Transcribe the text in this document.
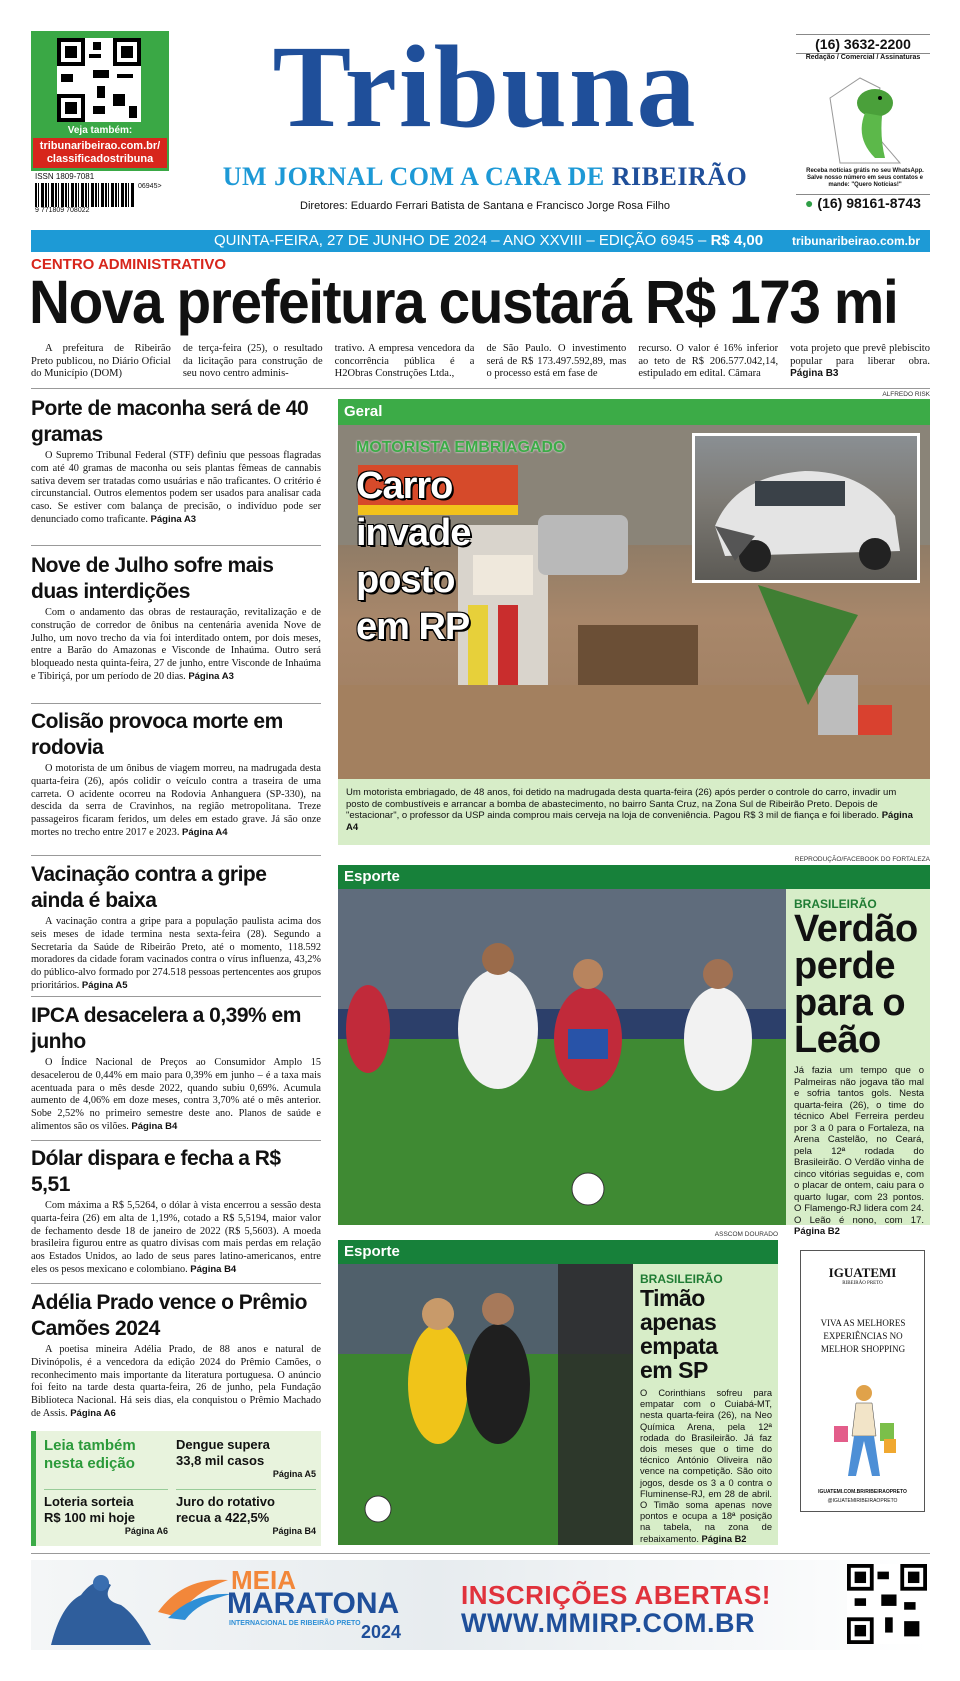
Veja também:
tribunaribeirao.com.br/
classificadostribuna
ISSN 1809-7081
9 771809 708022
06945>
Tribuna
UM JORNAL COM A CARA DE RIBEIRÃO
Diretores: Eduardo Ferrari Batista de Santana e Francisco Jorge Rosa Filho
(16) 3632-2200
Redação / Comercial / Assinaturas
Receba notícias grátis no seu WhatsApp. Salve nosso número em seus contatos e mande: "Quero Notícias!"
● (16) 98161-8743
QUINTA-FEIRA, 27 DE JUNHO DE 2024 – ANO XXVIII – EDIÇÃO 6945 – R$ 4,00 tribunaribeirao.com.br
CENTRO ADMINISTRATIVO
Nova prefeitura custará R$ 173 mi
A prefeitura de Ribeirão Preto publicou, no Diário Oficial do Município (DOM)
de terça-feira (25), o resultado da licitação para construção de seu novo centro adminis-
trativo. A empresa vencedora da concorrência pública é a H2Obras Construções Ltda.,
de São Paulo. O investimento será de R$ 173.497.592,89, mas o processo está em fase de
recurso. O valor é 16% inferior ao teto de R$ 206.577.042,14, estipulado em edital. Câmara
vota projeto que prevê plebiscito popular para liberar obra. Página B3
Porte de maconha será de 40 gramas

O Supremo Tribunal Federal (STF) definiu que pessoas flagradas com até 40 gramas de maconha ou seis plantas fêmeas de cannabis sativa devem ser tratadas como usuárias e não traficantes. O critério é circunstancial. Outros elementos podem ser usados para analisar cada caso. Se estiver com balança de precisão, o indivíduo pode ser denunciado como traficante. Página A3

Nove de Julho sofre mais duas interdições

Com o andamento das obras de restauração, revitalização e de construção de corredor de ônibus na centenária avenida Nove de Julho, um novo trecho da via foi interditado ontem, por dois meses, entre a Barão do Amazonas e Visconde de Inhaúma. Outro será bloqueado nesta quinta-feira, 27 de junho, entre Visconde de Inhaúma e Tibiriçá, por um período de 20 dias. Página A3

Colisão provoca morte em rodovia

O motorista de um ônibus de viagem morreu, na madrugada desta quarta-feira (26), após colidir o veículo contra a traseira de uma carreta. O acidente ocorreu na Rodovia Anhanguera (SP-330), na descida da serra de Cravinhos, na região metropolitana. Treze passageiros ficaram feridos, um deles em estado grave. Já são onze mortes no trecho entre 2017 e 2023. Página A4

Vacinação contra a gripe ainda é baixa

A vacinação contra a gripe para a população paulista acima dos seis meses de idade termina nesta sexta-feira (28). Segundo a Secretaria da Saúde de Ribeirão Preto, até o momento, 118.592 moradores da cidade foram vacinados contra o vírus influenza, 43,2% do público-alvo formado por 274.518 pessoas pertencentes aos grupos prioritários. Página A5

IPCA desacelera a 0,39% em junho

O Índice Nacional de Preços ao Consumidor Amplo 15 desacelerou de 0,44% em maio para 0,39% em junho – é a taxa mais acentuada para o mês desde 2022, quando subiu 0,69%. Acumula aumento de 4,06% em doze meses, contra 3,70% até o mês anterior. Sobe 2,52% no primeiro semestre deste ano. Planos de saúde e alimentos são os vilões. Página B4

Dólar dispara e fecha a R$ 5,51

Com máxima a R$ 5,5264, o dólar à vista encerrou a sessão desta quarta-feira (26) em alta de 1,19%, cotado a R$ 5,5194, maior valor de fechamento desde 18 de janeiro de 2022 (R$ 5,5603). A moeda brasileira figurou entre as quatro divisas com mais perdas em relação aos Estados Unidos, ao lado de seus pares latino-americanos, entre eles os pesos mexicano e colombiano. Página B4

Adélia Prado vence o Prêmio Camões 2024

A poetisa mineira Adélia Prado, de 88 anos e natural de Divinópolis, é a vencedora da edição 2024 do Prêmio Camões, o reconhecimento mais importante da literatura portuguesa. O anúncio foi feito na tarde desta quarta-feira, 26 de junho, pela Fundação Biblioteca Nacional. Há seis dias, ela conquistou o Prêmio Machado de Assis. Página A6

Leia também
nesta edição
Dengue supera
33,8 mil casos
Página A5
Loteria sorteia
R$ 100 mi hoje
Página A6
Juro do rotativo
recua a 422,5%
Página B4
ALFREDO RISK
Geral
MOTORISTA EMBRIAGADO
Carro
invade
posto
em RP
Um motorista embriagado, de 48 anos, foi detido na madrugada desta quarta-feira (26) após perder o controle do carro, invadir um posto de combustíveis e arrancar a bomba de abastecimento, no bairro Santa Cruz, na Zona Sul de Ribeirão Preto. Depois de "estacionar", o professor da USP ainda comprou mais cerveja na loja de conveniência. Pagou R$ 3 mil de fiança e foi liberado. Página A4
REPRODUÇÃO/FACEBOOK DO FORTALEZA
Esporte
BRASILEIRÃO
Verdão
perde
para o
Leão

Já fazia um tempo que o Palmeiras não jogava tão mal e sofria tantos gols. Nesta quarta-feira (26), o time do técnico Abel Ferreira perdeu por 3 a 0 para o Fortaleza, na Arena Castelão, no Ceará, pela 12ª rodada do Brasileirão. O Verdão vinha de cinco vitórias seguidas e, com o placar de ontem, caiu para o quarto lugar, com 23 pontos. O Flamengo-RJ lidera com 24. O Leão é nono, com 17. Página B2

ASSCOM DOURADO
Esporte
BRASILEIRÃO
Timão
apenas
empata
em SP

O Corinthians sofreu para empatar com o Cuiabá-MT, nesta quarta-feira (26), na Neo Química Arena, pela 12ª rodada do Brasileirão. Já faz dois meses que o time do técnico António Oliveira não vence na competição. São oito jogos, desde os 3 a 0 contra o Fluminense-RJ, em 28 de abril. O Timão soma apenas nove pontos e ocupa a 18ª posição na tabela, na zona de rebaixamento. Página B2

IGUATEMI
RIBEIRÃO PRETO
VIVA AS MELHORES EXPERIÊNCIAS NO MELHOR SHOPPING
IGUATEMI.COM.BR/RIBEIRAOPRETO
@IGUATEMIRIBEIRAOPRETO
MEIA
MARATONA
INTERNACIONAL DE RIBEIRÃO PRETO 2024
INSCRIÇÕES ABERTAS!
WWW.MMIRP.COM.BR
